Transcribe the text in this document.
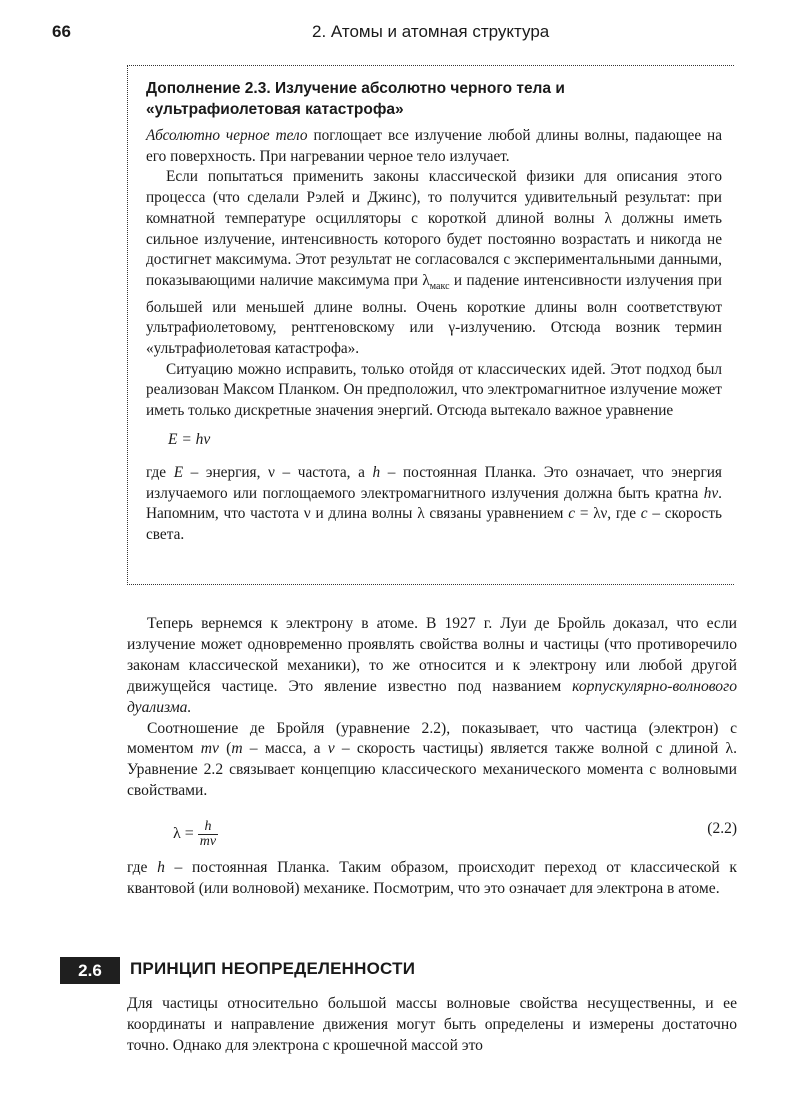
66	2. Атомы и атомная структура
Дополнение 2.3. Излучение абсолютно черного тела и
«ультрафиолетовая катастрофа»

Абсолютно черное тело поглощает все излучение любой длины волны, падающее на его поверхность. При нагревании черное тело излучает.

Если попытаться применить законы классической физики для описания этого процесса (что сделали Рэлей и Джинс), то получится удивительный результат: при комнатной температуре осцилляторы с короткой длиной волны λ должны иметь сильное излучение, интенсивность которого будет постоянно возрастать и никогда не достигнет максимума. Этот результат не согласовался с экспериментальными данными, показывающими наличие максимума при $\lambda_{макс}$ и падение интенсивности излучения при большей или меньшей длине волны. Очень короткие длины волн соответствуют ультрафиолетовому, рентгеновскому или γ-излучению. Отсюда возник термин «ультрафиолетовая катастрофа».

Ситуацию можно исправить, только отойдя от классических идей. Этот подход был реализован Максом Планком. Он предположил, что электромагнитное излучение может иметь только дискретные значения энергий. Отсюда вытекало важное уравнение

E = hν

где E – энергия, ν – частота, а h – постоянная Планка. Это означает, что энергия излучаемого или поглощаемого электромагнитного излучения должна быть кратна hν. Напомним, что частота ν и длина волны λ связаны уравнением c = λν, где c – скорость света.

Теперь вернемся к электрону в атоме. В 1927 г. Луи де Бройль доказал, что если излучение может одновременно проявлять свойства волны и частицы (что противоречило законам классической механики), то же относится и к электрону или любой другой движущейся частице. Это явление известно под названием корпускулярно-волнового дуализма.

Соотношение де Бройля (уравнение 2.2), показывает, что частица (электрон) с моментом mv (m – масса, а v – скорость частицы) является также волной с длиной λ. Уравнение 2.2 связывает концепцию классического механического момента с волновыми свойствами.

$\lambda = \frac{h}{mv}$	(2.2)

где h – постоянная Планка. Таким образом, происходит переход от классической к квантовой (или волновой) механике. Посмотрим, что это означает для электрона в атоме.

2.6	ПРИНЦИП НЕОПРЕДЕЛЕННОСТИ

Для частицы относительно большой массы волновые свойства несущественны, и ее координаты и направление движения могут быть определены и измерены достаточно точно. Однако для электрона с крошечной массой это
